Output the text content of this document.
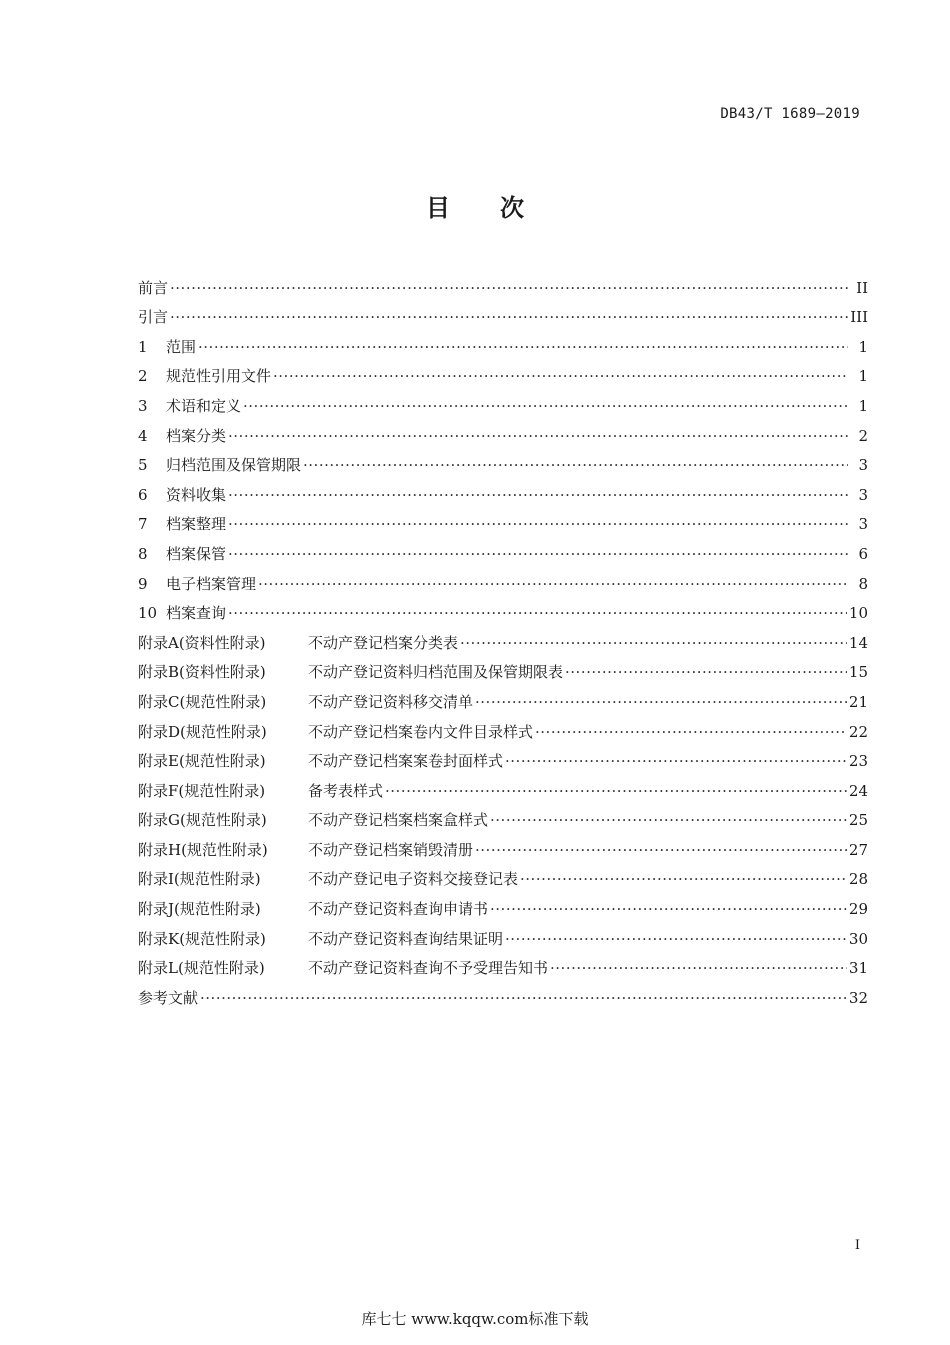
DB43/T 1689—2019
目次
前言 ·····	II
引言 ·····	III
1	范围 ·····	1
2	规范性引用文件 ·····	1
3	术语和定义 ·····	1
4	档案分类 ·····	2
5	归档范围及保管期限 ·····	3
6	资料收集 ·····	3
7	档案整理 ·····	3
8	档案保管 ·····	6
9	电子档案管理 ·····	8
10 档案查询 ·····	10
附录A(资料性附录)	不动产登记档案分类表 ·····	14
附录B(资料性附录)	不动产登记资料归档范围及保管期限表 ·····	15
附录C(规范性附录)	不动产登记资料移交清单 ·····	21
附录D(规范性附录)	不动产登记档案卷内文件目录样式 ·····	22
附录E(规范性附录)	不动产登记档案案卷封面样式 ·····	23
附录F(规范性附录)	备考表样式 ·····	24
附录G(规范性附录)	不动产登记档案档案盒样式 ·····	25
附录H(规范性附录)	不动产登记档案销毁清册 ·····	27
附录I(规范性附录)	不动产登记电子资料交接登记表 ·····	28
附录J(规范性附录)	不动产登记资料查询申请书 ·····	29
附录K(规范性附录)	不动产登记资料查询结果证明 ·····	30
附录L(规范性附录)	不动产登记资料查询不予受理告知书 ·····	31
参考文献 ·····	32
I
库七七 www.kqqw.com标准下载
